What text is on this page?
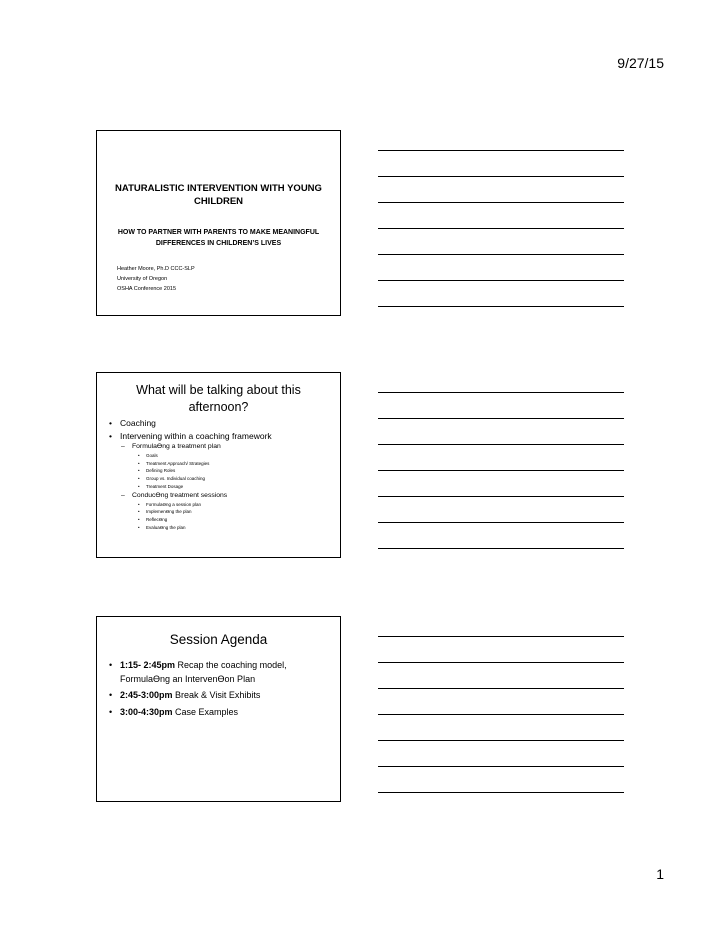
9/27/15
NATURALISTIC INTERVENTION WITH YOUNG CHILDREN
HOW TO PARTNER WITH PARENTS TO MAKE MEANINGFUL DIFFERENCES IN CHILDREN’S LIVES
Heather Moore, Ph.D CCC-SLP
University of Oregon
OSHA Conference 2015
What will be talking about this afternoon?
• Coaching
• Intervening within a coaching framework
– FormulaƟng a treatment plan
• Goals
• Treatment Approach/ Strategies
• Defining Roles
• Group vs. Individual coaching
• Treatment Dosage
– ConducƟng treatment sessions
• FormulaƟng a session plan
• ImplemenƟng the plan
• ReflecƟng
• EvaluaƟng the plan
Session Agenda
• 1:15- 2:45pm Recap the coaching model, FormulaƟng an IntervenƟon Plan
• 2:45-3:00pm Break & Visit Exhibits
• 3:00-4:30pm Case Examples
1
